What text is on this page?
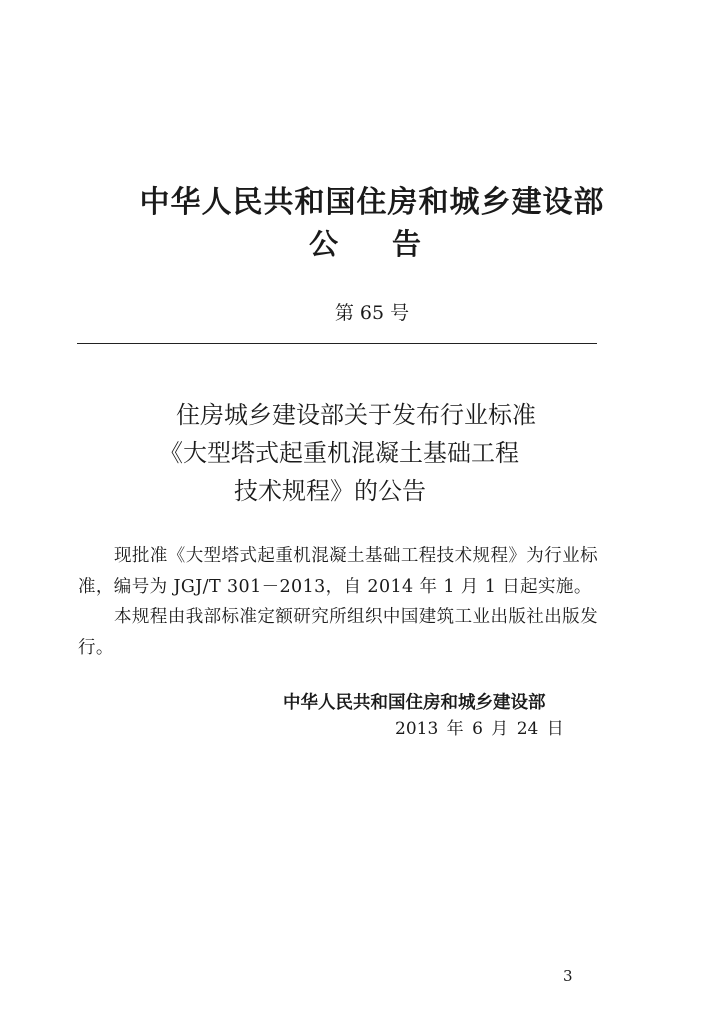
中华人民共和国住房和城乡建设部
公 告
第 65 号
住房城乡建设部关于发布行业标准
《大型塔式起重机混凝土基础工程
技术规程》的公告

现批准《大型塔式起重机混凝土基础工程技术规程》为行业标准，编号为 JGJ/T 301－2013，自 2014 年 1 月 1 日起实施。

本规程由我部标准定额研究所组织中国建筑工业出版社出版发行。

中华人民共和国住房和城乡建设部
2013 年 6 月 24 日
3
